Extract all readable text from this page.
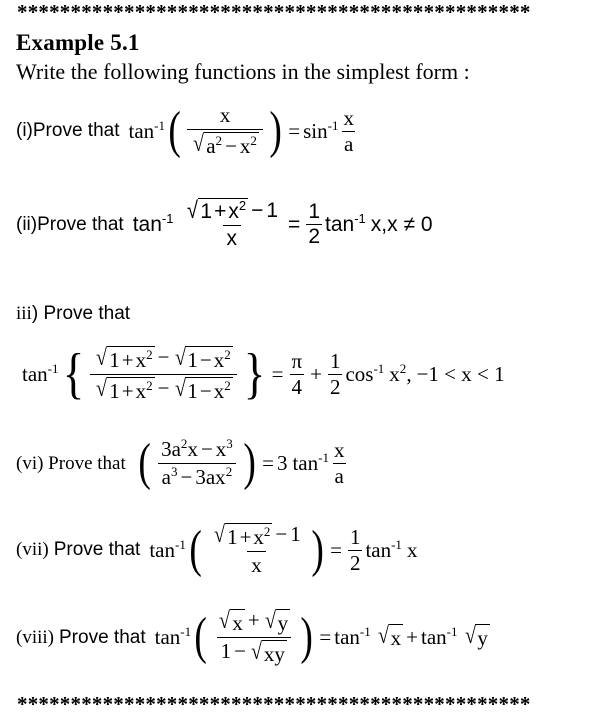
************************************************
Example 5.1
Write the following functions in the simplest form :
(i)Prove that $\tan^{-1}$ ( $\frac{x}{√ a^2 - x^2}$ ) = $\sin^{-1} \frac{x}{a}$
(ii)Prove that $\tan^{-1} \frac{√ 1+x^2 - 1}{x} = \frac{1}{2} \tan^{-1} x$ , x ≠ 0
iii ) Prove that
$\tan^{-1}$ { $\frac{√ 1+x^2 - √ 1-x^2}{√ 1+x^2 - √ 1-x^2}$ } = $\frac{\pi}{4} + \frac{1}{2} \cos^{-1} x^2$ , −1 < x < 1
(vi) Prove that ( $\frac{3a^2x - x^3}{a^3 - 3ax^2}$ ) = 3 $\tan^{-1} \frac{x}{a}$
(vii) Prove that $\tan^{-1}$ ( $\frac{√ 1+x^2 - 1}{x}$ ) = $\frac{1}{2} \tan^{-1} x$
(viii) Prove that $\tan^{-1}$ ( $\frac{√ x + √ y}{1 - √ xy}$ ) = $\tan^{-1}$ √ $x + \tan^{-1}$ √ y
************************************************
